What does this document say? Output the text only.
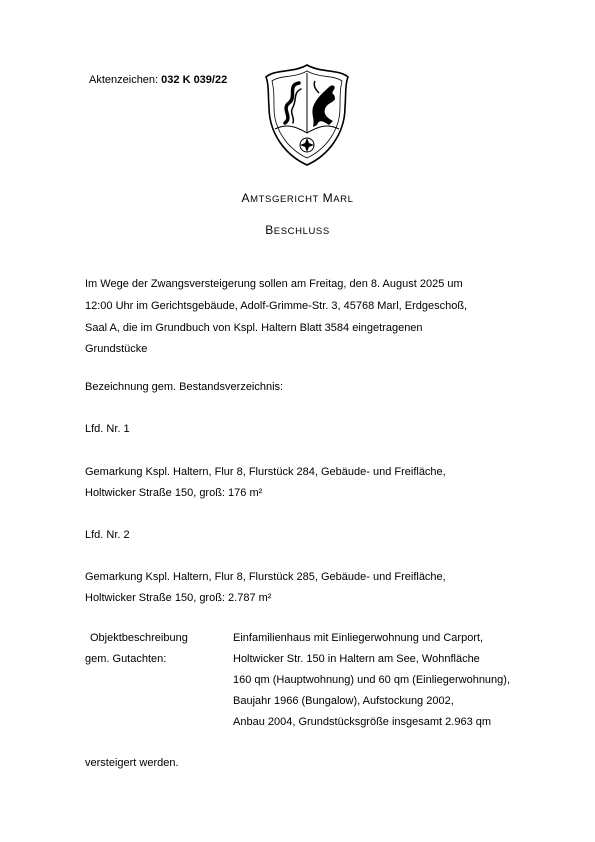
Aktenzeichen: 032 K 039/22
AMTSGERICHT MARL
BESCHLUSS
Im Wege der Zwangsversteigerung sollen am Freitag, den 8. August 2025 um
12:00 Uhr im Gerichtsgebäude, Adolf-Grimme-Str. 3, 45768 Marl, Erdgeschoß,
Saal A, die im Grundbuch von Kspl. Haltern Blatt 3584 eingetragenen
Grundstücke
Bezeichnung gem. Bestandsverzeichnis:
Lfd. Nr. 1
Gemarkung Kspl. Haltern, Flur 8, Flurstück 284, Gebäude- und Freifläche,
Holtwicker Straße 150, groß: 176 m²
Lfd. Nr. 2
Gemarkung Kspl. Haltern, Flur 8, Flurstück 285, Gebäude- und Freifläche,
Holtwicker Straße 150, groß: 2.787 m²
Objektbeschreibung
gem. Gutachten:
Einfamilienhaus mit Einliegerwohnung und Carport,
Holtwicker Str. 150 in Haltern am See, Wohnfläche
160 qm (Hauptwohnung) und 60 qm (Einliegerwohnung),
Baujahr 1966 (Bungalow), Aufstockung 2002,
Anbau 2004, Grundstücksgröße insgesamt 2.963 qm
versteigert werden.
